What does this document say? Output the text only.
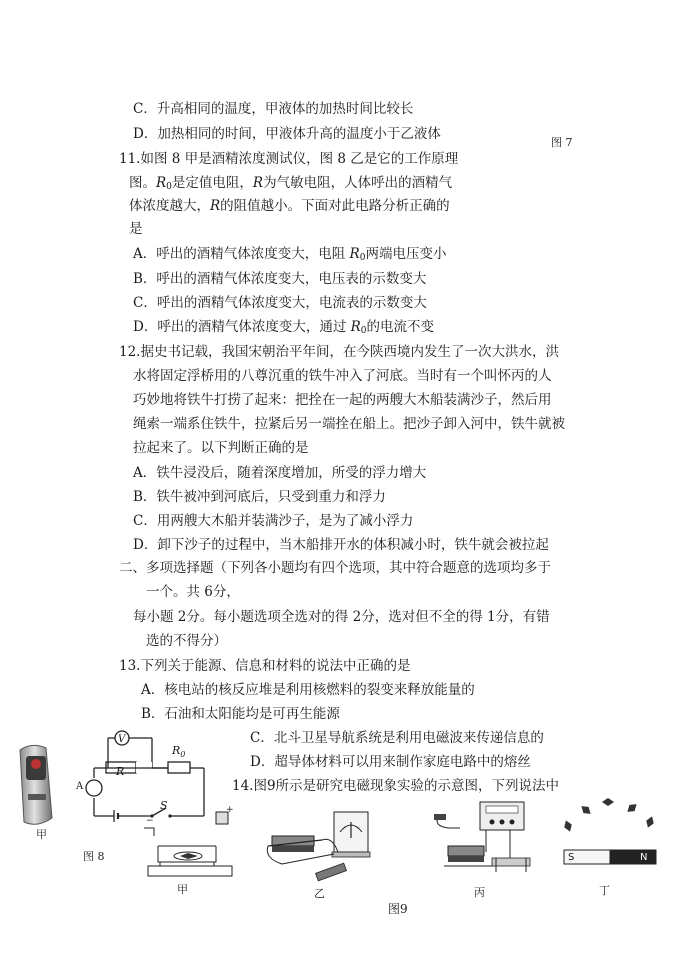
C．升高相同的温度，甲液体的加热时间比较长
D．加热相同的时间，甲液体升高的温度小于乙液体
图 7
11.如图 8 甲是酒精浓度测试仪，图 8 乙是它的工作原理
图。$R_0$是定值电阻，R为气敏电阻，人体呼出的酒精气
体浓度越大，R的阻值越小。下面对此电路分析正确的
是
A．呼出的酒精气体浓度变大，电阻 $R_0$两端电压变小
B．呼出的酒精气体浓度变大，电压表的示数变大
C．呼出的酒精气体浓度变大，电流表的示数变大
D．呼出的酒精气体浓度变大，通过 $R_0$的电流不变
12.据史书记载，我国宋朝治平年间，在今陕西境内发生了一次大洪水，洪
水将固定浮桥用的八尊沉重的铁牛冲入了河底。当时有一个叫怀丙的人
巧妙地将铁牛打捞了起来：把拴在一起的两艘大木船装满沙子，然后用
绳索一端系住铁牛，拉紧后另一端拴在船上。把沙子卸入河中，铁牛就被
拉起来了。以下判断正确的是
A．铁牛浸没后，随着深度增加，所受的浮力增大
B．铁牛被冲到河底后，只受到重力和浮力
C．用两艘大木船并装满沙子，是为了减小浮力
D．卸下沙子的过程中，当木船排开水的体积减小时，铁牛就会被拉起
二、多项选择题（下列各小题均有四个选项，其中符合题意的选项均多于
一个。共 6分，
每小题 2分。每小题选项全选对的得 2分，选对但不全的得 1分，有错
选的不得分）
13.下列关于能源、信息和材料的说法中正确的是
A．核电站的核反应堆是利用核燃料的裂变来释放能量的
B．石油和太阳能均是可再生能源
C．北斗卫星导航系统是利用电磁波来传递信息的
D．超导体材料可以用来制作家庭电路中的熔丝
14.图9所示是研究电磁现象实验的示意图，下列说法中
甲
V
A
R
$R_0$
S
图 8
+
−
甲	乙	丙
S	N
丁
图9
